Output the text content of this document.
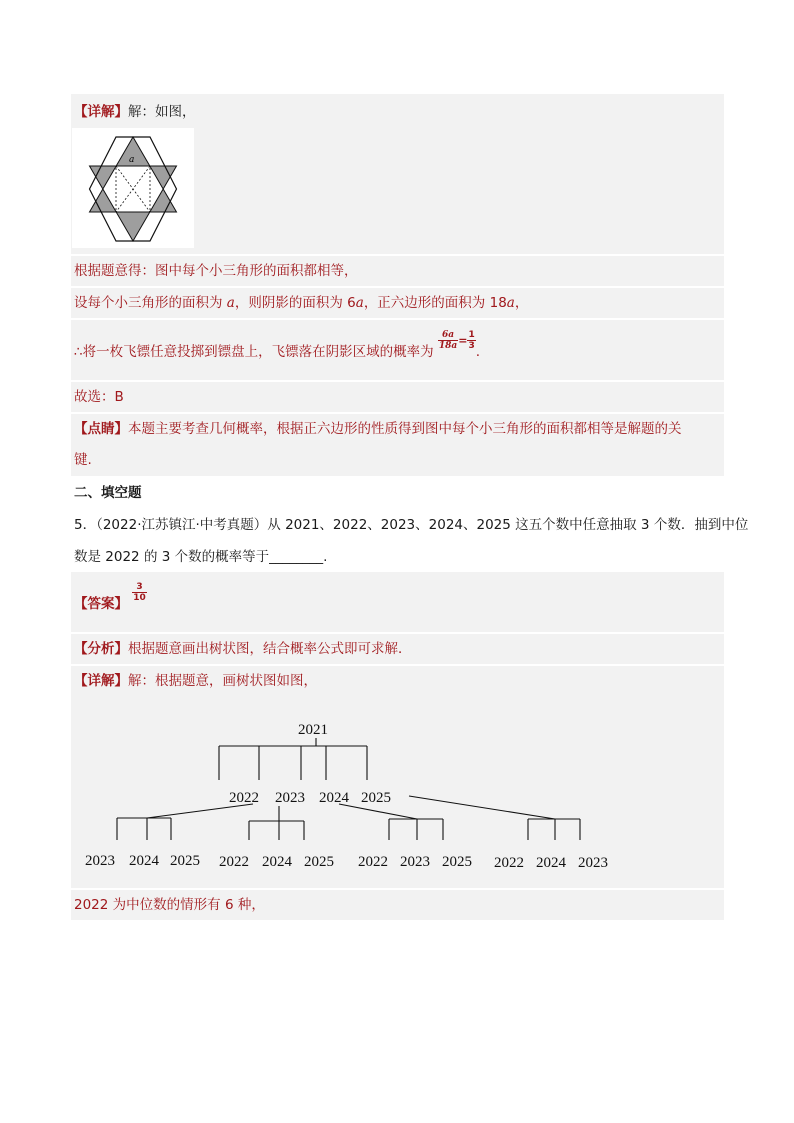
【详解】解：如图，
a
根据题意得：图中每个小三角形的面积都相等，
设每个小三角形的面积为 a，则阴影的面积为 6a，正六边形的面积为 18a，
∴将一枚飞镖任意投掷到镖盘上，飞镖落在阴影区域的概率为
$\frac{6a}{18a} ^= \frac{1}{3}$
.
故选：B
【点睛】本题主要考查几何概率，根据正六边形的性质得到图中每个小三角形的面积都相等是解题的关
键.
二、填空题
5．（2022·江苏镇江·中考真题）从 2021、2022、2023、2024、2025 这五个数中任意抽取 3 个数．抽到中位
数是 2022 的 3 个数的概率等于________.
【答案】
$\frac{3}{10}$
【分析】根据题意画出树状图，结合概率公式即可求解．
【详解】解：根据题意，画树状图如图，
2021
2022 2023 2024 2025
2023 2024 2025 2022 2024 2025 2022 2023 2025 2022 2024 2023
2022 为中位数的情形有 6 种，
